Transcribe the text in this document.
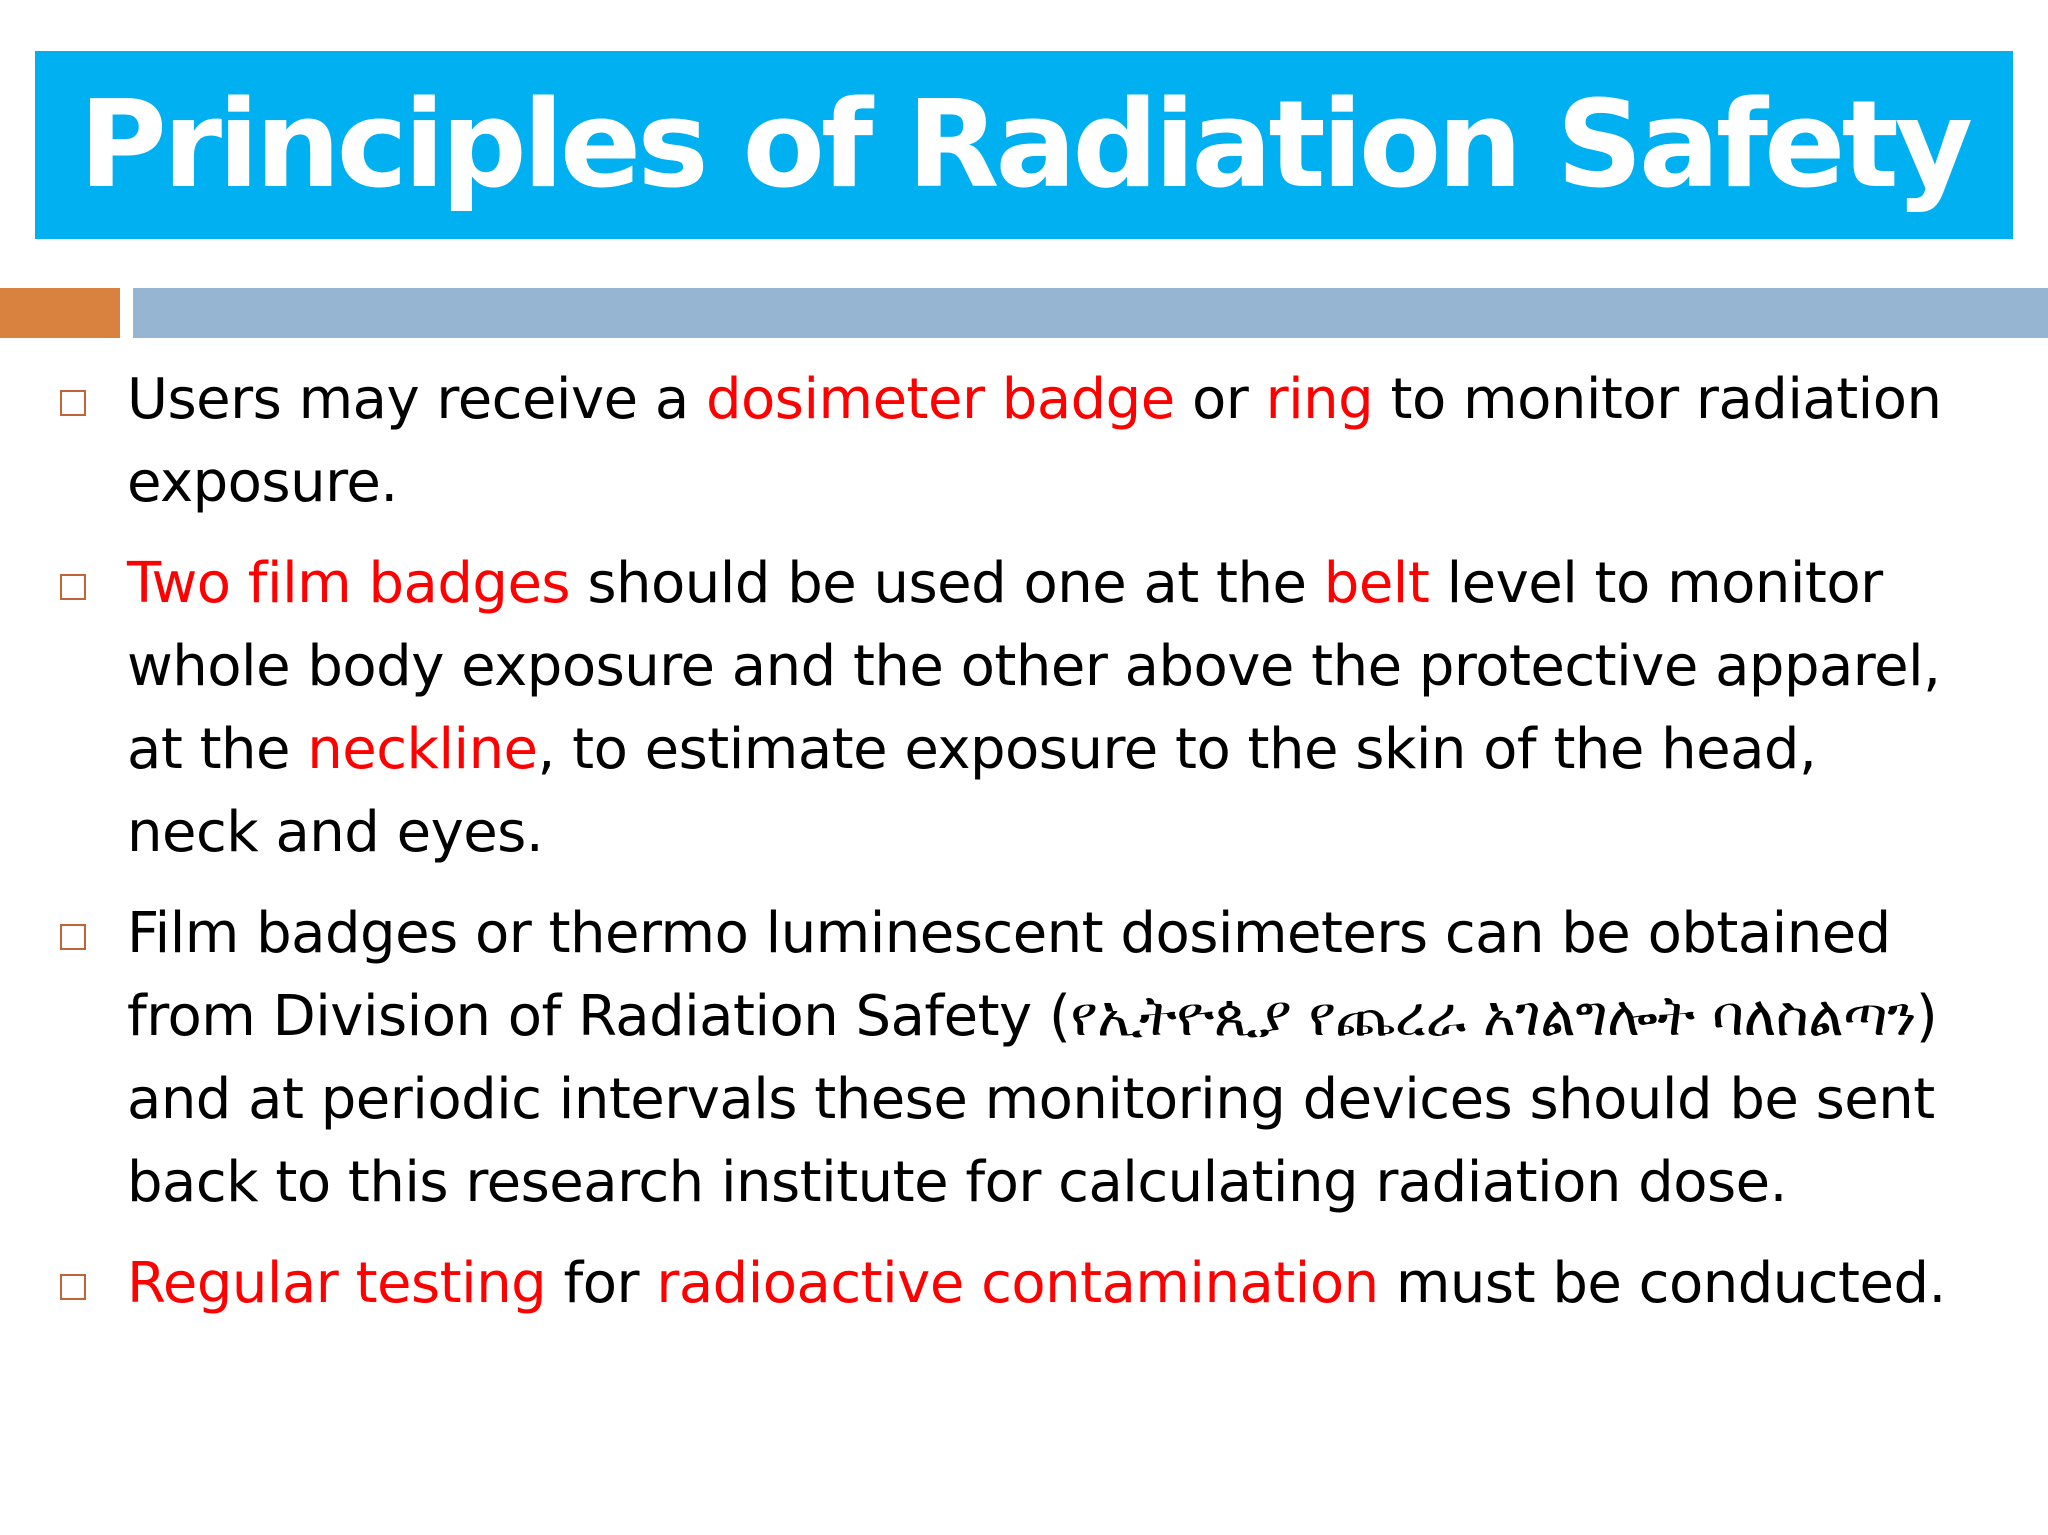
Principles of Radiation Safety
Users may receive a dosimeter badge or ring to monitor radiation exposure.
Two film badges should be used one at the belt level to monitor whole body exposure and the other above the protective apparel, at the neckline, to estimate exposure to the skin of the head, neck and eyes.
Film badges or thermo luminescent dosimeters can be obtained from Division of Radiation Safety (የኢትዮጲያ የጨረራ አገልግሎት ባለስልጣን) and at periodic intervals these monitoring devices should be sent back to this research institute for calculating radiation dose.
Regular testing for radioactive contamination must be conducted.
